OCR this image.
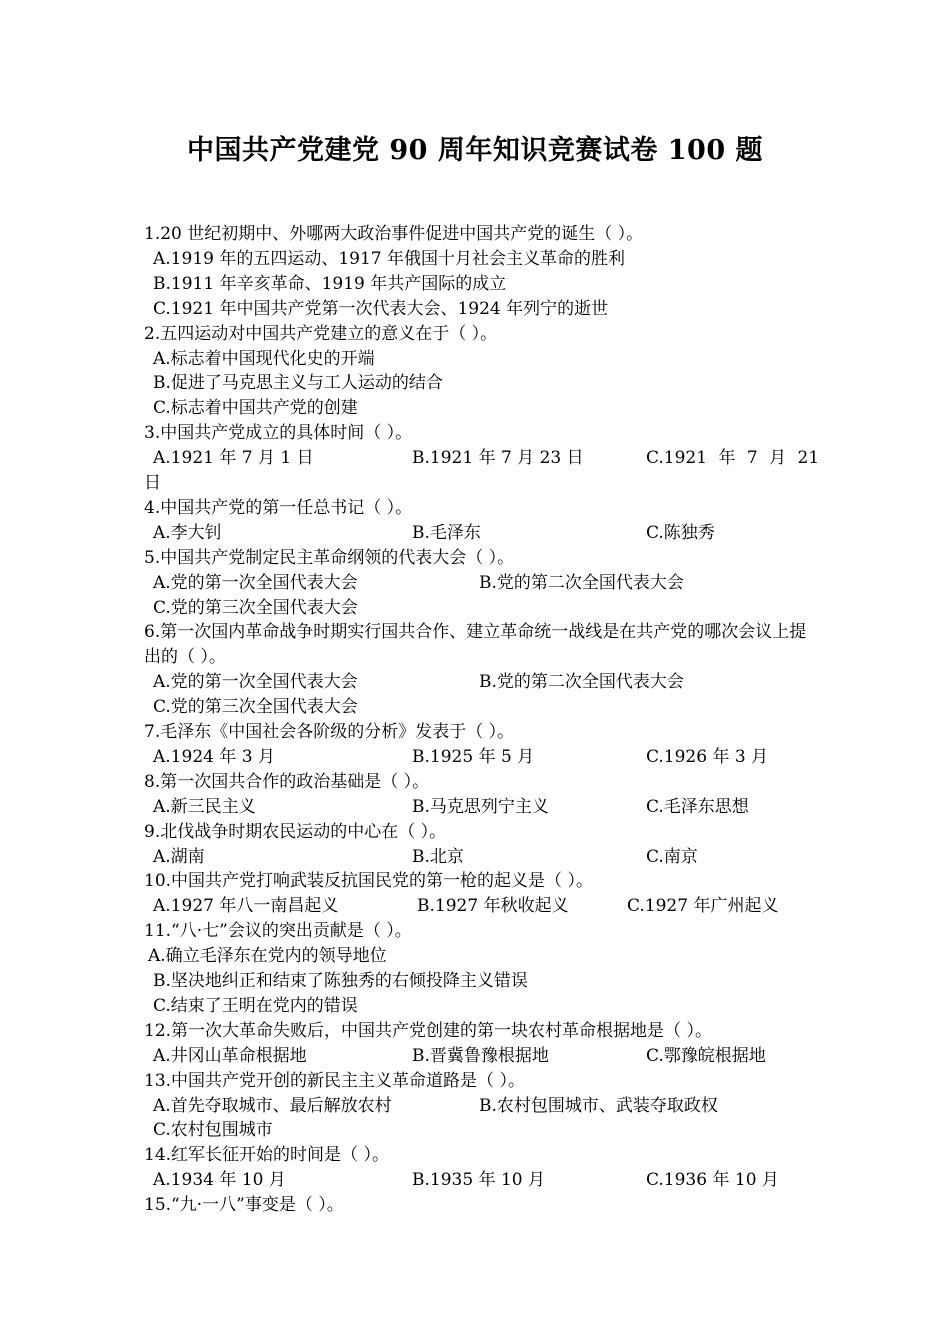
中国共产党建党 90 周年知识竞赛试卷 100 题
1.20 世纪初期中、外哪两大政治事件促进中国共产党的诞生（ ）。
A.1919 年的五四运动、1917 年俄国十月社会主义革命的胜利
B.1911 年辛亥革命、1919 年共产国际的成立
C.1921 年中国共产党第一次代表大会、1924 年列宁的逝世
2.五四运动对中国共产党建立的意义在于（ ）。
A.标志着中国现代化史的开端
B.促进了马克思主义与工人运动的结合
C.标志着中国共产党的创建
3.中国共产党成立的具体时间（ ）。
A.1921 年 7 月 1 日	B.1921 年 7 月 23 日	C.1921 年 7 月 21
日
4.中国共产党的第一任总书记（ ）。
A.李大钊	B.毛泽东	C.陈独秀
5.中国共产党制定民主革命纲领的代表大会（ ）。
A.党的第一次全国代表大会	B.党的第二次全国代表大会
C.党的第三次全国代表大会
6.第一次国内革命战争时期实行国共合作、建立革命统一战线是在共产党的哪次会议上提出的（ ）。
A.党的第一次全国代表大会	B.党的第二次全国代表大会
C.党的第三次全国代表大会
7.毛泽东《中国社会各阶级的分析》发表于（ ）。
A.1924 年 3 月	B.1925 年 5 月	C.1926 年 3 月
8.第一次国共合作的政治基础是（ ）。
A.新三民主义	B.马克思列宁主义	C.毛泽东思想
9.北伐战争时期农民运动的中心在（ ）。
A.湖南	B.北京	C.南京
10.中国共产党打响武装反抗国民党的第一枪的起义是（ ）。
A.1927 年八一南昌起义	B.1927 年秋收起义	C.1927 年广州起义
11.“八·七”会议的突出贡献是（ ）。
A.确立毛泽东在党内的领导地位
B.坚决地纠正和结束了陈独秀的右倾投降主义错误
C.结束了王明在党内的错误
12.第一次大革命失败后，中国共产党创建的第一块农村革命根据地是（ ）。
A.井冈山革命根据地	B.晋冀鲁豫根据地	C.鄂豫皖根据地
13.中国共产党开创的新民主主义革命道路是（ ）。
A.首先夺取城市、最后解放农村	B.农村包围城市、武装夺取政权
C.农村包围城市
14.红军长征开始的时间是（ ）。
A.1934 年 10 月	B.1935 年 10 月	C.1936 年 10 月
15.“九·一八”事变是（ ）。
